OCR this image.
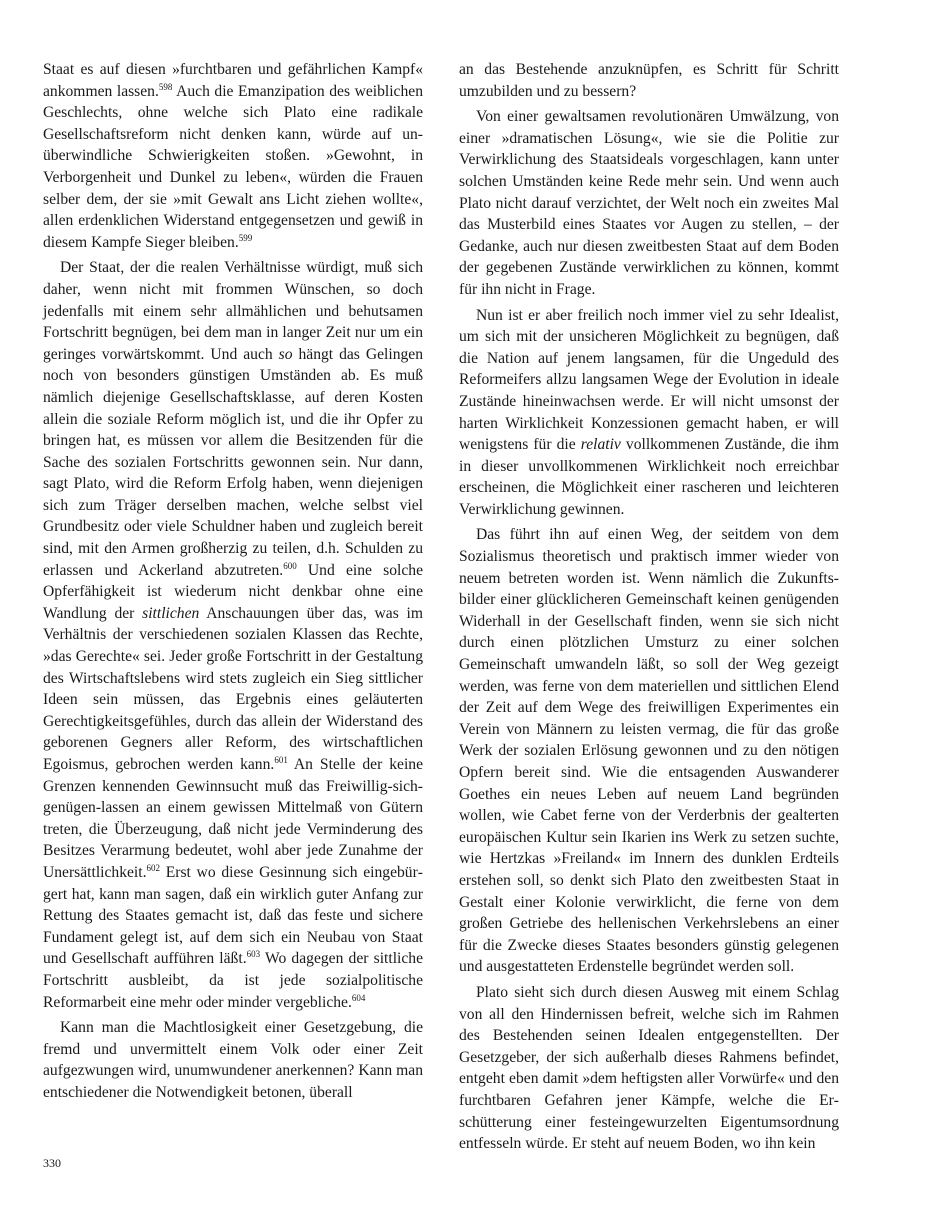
Staat es auf diesen »furchtbaren und gefährlichen Kampf« ankommen lassen.$^{598}$ Auch die Emanzipation des weiblichen Geschlechts, ohne welche sich Plato eine radikale Gesellschaftsreform nicht denken kann, würde auf unüberwindliche Schwierigkeiten stoßen. »Gewohnt, in Verborgenheit und Dunkel zu leben«, würden die Frauen selber dem, der sie »mit Gewalt ans Licht ziehen wollte«, allen erdenklichen Widerstand entgegensetzen und gewiß in diesem Kampfe Sieger bleiben.$^{599}$

Der Staat, der die realen Verhältnisse würdigt, muß sich daher, wenn nicht mit frommen Wünschen, so doch jedenfalls mit einem sehr allmählichen und behutsamen Fortschritt begnügen, bei dem man in langer Zeit nur um ein geringes vorwärtskommt. Und auch so hängt das Gelingen noch von besonders günstigen Umständen ab. Es muß nämlich diejenige Gesellschaftsklasse, auf deren Kosten allein die soziale Reform möglich ist, und die ihr Opfer zu bringen hat, es müssen vor allem die Besitzenden für die Sache des sozialen Fortschritts gewonnen sein. Nur dann, sagt Plato, wird die Reform Erfolg haben, wenn diejenigen sich zum Träger derselben machen, welche selbst viel Grundbesitz oder viele Schuldner haben und zugleich bereit sind, mit den Armen großherzig zu teilen, d.h. Schulden zu erlassen und Ackerland abzutreten.$^{600}$ Und eine solche Opferfähigkeit ist wiederum nicht denkbar ohne eine Wandlung der sittlichen Anschauungen über das, was im Verhältnis der verschiedenen sozialen Klassen das Rechte, »das Gerechte« sei. Jeder große Fortschritt in der Gestaltung des Wirtschaftslebens wird stets zugleich ein Sieg sittlicher Ideen sein müssen, das Ergebnis eines geläuterten Gerechtigkeitsgefühles, durch das allein der Widerstand des geborenen Gegners aller Reform, des wirtschaftlichen Egoismus, gebrochen werden kann.$^{601}$ An Stelle der keine Grenzen kennenden Gewinnsucht muß das Freiwillig-sich-genügen-lassen an einem gewissen Mittelmaß von Gütern treten, die Überzeugung, daß nicht jede Verminderung des Besitzes Verarmung bedeutet, wohl aber jede Zunahme der Unersättlichkeit.$^{602}$ Erst wo diese Gesinnung sich eingebürgert hat, kann man sagen, daß ein wirklich guter Anfang zur Rettung des Staates gemacht ist, daß das feste und sichere Fundament gelegt ist, auf dem sich ein Neubau von Staat und Gesellschaft aufführen läßt.$^{603}$ Wo dagegen der sittliche Fortschritt ausbleibt, da ist jede sozialpolitische Reformarbeit eine mehr oder minder vergebliche.$^{604}$

Kann man die Machtlosigkeit einer Gesetzgebung, die fremd und unvermittelt einem Volk oder einer Zeit aufgezwungen wird, unumwundener anerkennen? Kann man entschiedener die Notwendigkeit betonen, überall

an das Bestehende anzuknüpfen, es Schritt für Schritt umzubilden und zu bessern?

Von einer gewaltsamen revolutionären Umwälzung, von einer »dramatischen Lösung«, wie sie die Politie zur Verwirklichung des Staatsideals vorgeschlagen, kann unter solchen Umständen keine Rede mehr sein. Und wenn auch Plato nicht darauf verzichtet, der Welt noch ein zweites Mal das Musterbild eines Staates vor Augen zu stellen, – der Gedanke, auch nur diesen zweitbesten Staat auf dem Boden der gegebenen Zustände verwirklichen zu können, kommt für ihn nicht in Frage.

Nun ist er aber freilich noch immer viel zu sehr Idealist, um sich mit der unsicheren Möglichkeit zu begnügen, daß die Nation auf jenem langsamen, für die Ungeduld des Reformeifers allzu langsamen Wege der Evolution in ideale Zustände hineinwachsen werde. Er will nicht umsonst der harten Wirklichkeit Konzessionen gemacht haben, er will wenigstens für die relativ vollkommenen Zustände, die ihm in dieser unvollkommenen Wirklichkeit noch erreichbar erscheinen, die Möglichkeit einer rascheren und leichteren Verwirklichung gewinnen.

Das führt ihn auf einen Weg, der seitdem von dem Sozialismus theoretisch und praktisch immer wieder von neuem betreten worden ist. Wenn nämlich die Zukunftsbilder einer glücklicheren Gemeinschaft keinen genügenden Widerhall in der Gesellschaft finden, wenn sie sich nicht durch einen plötzlichen Umsturz zu einer solchen Gemeinschaft umwandeln läßt, so soll der Weg gezeigt werden, was ferne von dem materiellen und sittlichen Elend der Zeit auf dem Wege des freiwilligen Experimentes ein Verein von Männern zu leisten vermag, die für das große Werk der sozialen Erlösung gewonnen und zu den nötigen Opfern bereit sind. Wie die entsagenden Auswanderer Goethes ein neues Leben auf neuem Land begründen wollen, wie Cabet ferne von der Verderbnis der gealterten europäischen Kultur sein Ikarien ins Werk zu setzen suchte, wie Hertzkas »Freiland« im Innern des dunklen Erdteils erstehen soll, so denkt sich Plato den zweitbesten Staat in Gestalt einer Kolonie verwirklicht, die ferne von dem großen Getriebe des hellenischen Verkehrslebens an einer für die Zwecke dieses Staates besonders günstig gelegenen und ausgestatteten Erdenstelle begründet werden soll.

Plato sieht sich durch diesen Ausweg mit einem Schlag von all den Hindernissen befreit, welche sich im Rahmen des Bestehenden seinen Idealen entgegenstellten. Der Gesetzgeber, der sich außerhalb dieses Rahmens befindet, entgeht eben damit »dem heftigsten aller Vorwürfe« und den furchtbaren Gefahren jener Kämpfe, welche die Erschütterung einer festeingewurzelten Eigentumsordnung entfesseln würde. Er steht auf neuem Boden, wo ihn kein

330
